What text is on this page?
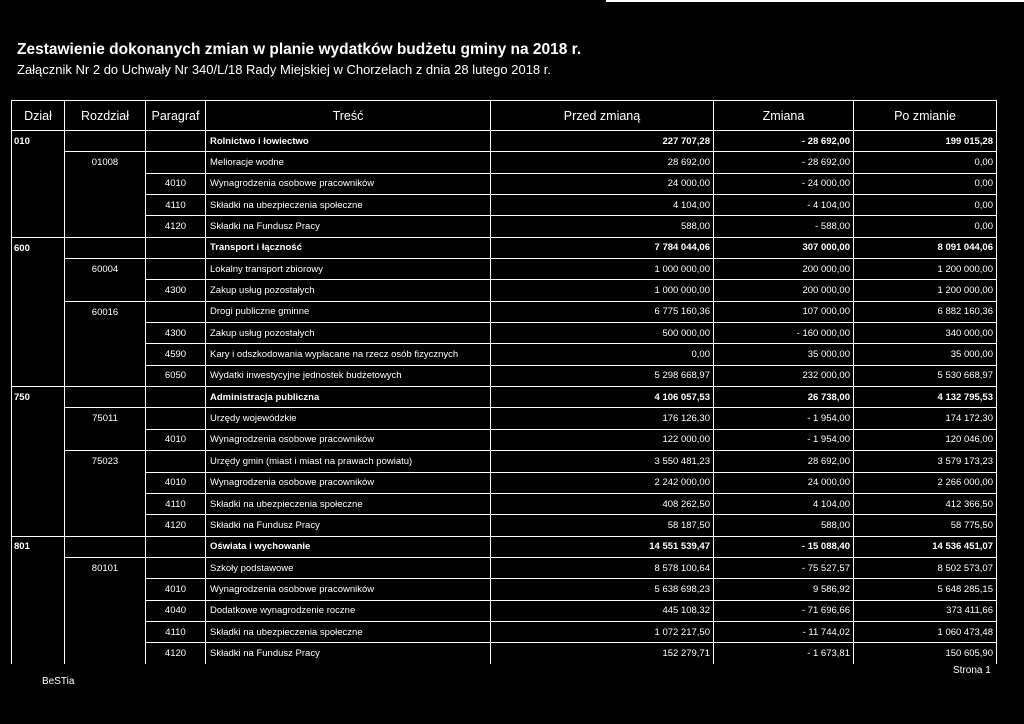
Zestawienie dokonanych zmian w planie wydatków budżetu gminy na 2018 r.
Załącznik Nr 2 do Uchwały Nr 340/L/18 Rady Miejskiej w Chorzelach z dnia 28 lutego 2018 r.
Dział	Rozdział	Paragraf	Treść	Przed zmianą	Zmiana	Po zmianie
010			Rolnictwo i łowiectwo	227 707,28	- 28 692,00	199 015,28
	01008		Melioracje wodne	28 692,00	- 28 692,00	0,00
		4010	Wynagrodzenia osobowe pracowników	24 000,00	- 24 000,00	0,00
		4110	Składki na ubezpieczenia społeczne	4 104,00	- 4 104,00	0,00
		4120	Składki na Fundusz Pracy	588,00	- 588,00	0,00
600			Transport i łączność	7 784 044,06	307 000,00	8 091 044,06
	60004		Lokalny transport zbiorowy	1 000 000,00	200 000,00	1 200 000,00
		4300	Zakup usług pozostałych	1 000 000,00	200 000,00	1 200 000,00
	60016		Drogi publiczne gminne	6 775 160,36	107 000,00	6 882 160,36
		4300	Zakup usług pozostałych	500 000,00	- 160 000,00	340 000,00
		4590	Kary i odszkodowania wypłacane na rzecz osób fizycznych	0,00	35 000,00	35 000,00
		6050	Wydatki inwestycyjne jednostek budżetowych	5 298 668,97	232 000,00	5 530 668,97
750			Administracja publiczna	4 106 057,53	26 738,00	4 132 795,53
	75011		Urzędy wojewódzkie	176 126,30	- 1 954,00	174 172,30
		4010	Wynagrodzenia osobowe pracowników	122 000,00	- 1 954,00	120 046,00
	75023		Urzędy gmin (miast i miast na prawach powiatu)	3 550 481,23	28 692,00	3 579 173,23
		4010	Wynagrodzenia osobowe pracowników	2 242 000,00	24 000,00	2 266 000,00
		4110	Składki na ubezpieczenia społeczne	408 262,50	4 104,00	412 366,50
		4120	Składki na Fundusz Pracy	58 187,50	588,00	58 775,50
801			Oświata i wychowanie	14 551 539,47	- 15 088,40	14 536 451,07
	80101		Szkoły podstawowe	8 578 100,64	- 75 527,57	8 502 573,07
		4010	Wynagrodzenia osobowe pracowników	5 638 698,23	9 586,92	5 648 285,15
		4040	Dodatkowe wynagrodzenie roczne	445 108,32	- 71 696,66	373 411,66
		4110	Składki na ubezpieczenia społeczne	1 072 217,50	- 11 744,02	1 060 473,48
		4120	Składki na Fundusz Pracy	152 279,71	- 1 673,81	150 605,90
BeSTia
Strona 1
